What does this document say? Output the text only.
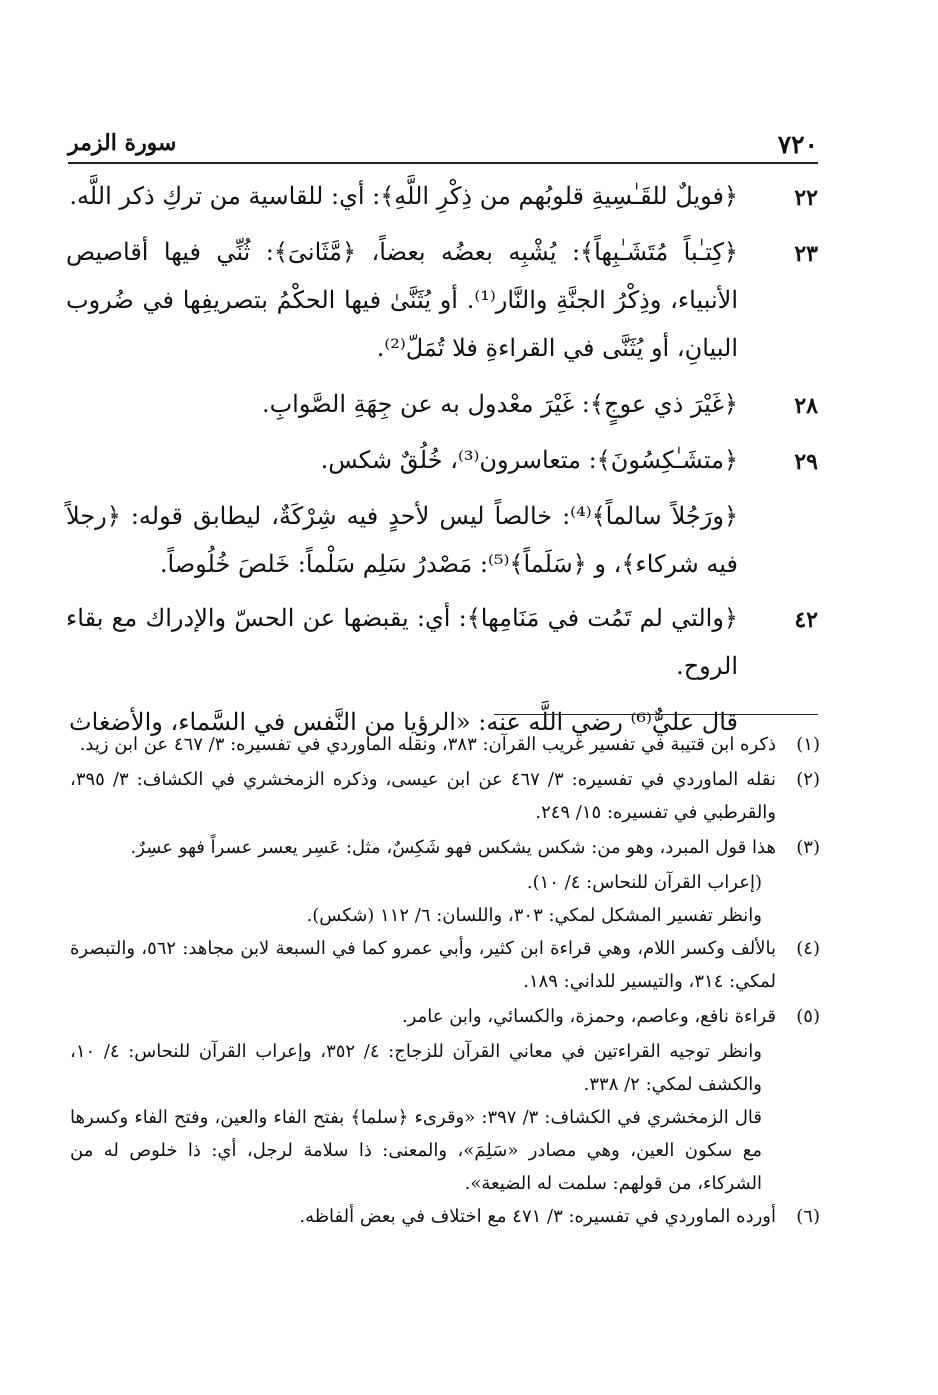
٧٢٠
سورة الزمر
٢٢
﴿فويلٌ للقَـٰسِيةِ قلوبُهم من ذِكْرِ اللَّهِ﴾: أي: للقاسية من تركِ ذكر اللَّه.
٢٣
﴿كِتـٰباً مُتَشَـٰبِهاً﴾: يُشْبِه بعضُه بعضاً، ﴿مَّثَانىَ﴾: ثُنِّي فيها أقاصيص الأنبياء، وذِكْرُ الجنَّةِ والنَّار⁽¹⁾. أو يُثَنَّىٰ فيها الحكْمُ بتصريفِها في ضُروب البيانِ، أو يُثَنَّى في القراءةِ فلا تُمَلّ⁽²⁾.
٢٨
﴿غَيْرَ ذي عوجٍ﴾: غَيْرَ معْدول به عن جِهَةِ الصَّوابِ.
٢٩
﴿متشَـٰكِسُونَ﴾: متعاسرون⁽³⁾، خُلُقٌ شكس.
﴿ورَجُلاً سالماً﴾⁽⁴⁾: خالصاً ليس لأحدٍ فيه شِرْكَةٌ، ليطابق قوله: ﴿رجلاً فيه شركاء﴾، و ﴿سَلَماً﴾⁽⁵⁾: مَصْدرُ سَلِم سَلْماً: خَلصَ خُلُوصاً.
٤٢
﴿والتي لم تَمُت في مَنَامِها﴾: أي: يقبضها عن الحسّ والإدراك مع بقاء الروح.
قال عليٌّ⁽⁶⁾ رضي اللَّه عنه: «الرؤيا من النَّفس في السَّماء، والأضغاث
(١)
ذكره ابن قتيبة في تفسير غريب القرآن: ٣٨٣، ونقله الماوردي في تفسيره: ٣/ ٤٦٧ عن ابن زيد.
(٢)
نقله الماوردي في تفسيره: ٣/ ٤٦٧ عن ابن عيسى، وذكره الزمخشري في الكشاف: ٣/ ٣٩٥، والقرطبي في تفسيره: ١٥/ ٢٤٩.
(٣)
هذا قول المبرد، وهو من: شكس يشكس فهو شَكِسٌ، مثل: عَسِر يعسر عسراً فهو عسِرٌ.
(إعراب القرآن للنحاس: ٤/ ١٠).
وانظر تفسير المشكل لمكي: ٣٠٣، واللسان: ٦/ ١١٢ (شكس).
(٤)
بالألف وكسر اللام، وهي قراءة ابن كثير، وأبي عمرو كما في السبعة لابن مجاهد: ٥٦٢، والتبصرة لمكي: ٣١٤، والتيسير للداني: ١٨٩.
(٥)
قراءة نافع، وعاصم، وحمزة، والكسائي، وابن عامر.
وانظر توجيه القراءتين في معاني القرآن للزجاج: ٤/ ٣٥٢، وإعراب القرآن للنحاس: ٤/ ١٠، والكشف لمكي: ٢/ ٣٣٨.
قال الزمخشري في الكشاف: ٣/ ٣٩٧: «وقرىء ﴿سلما﴾ بفتح الفاء والعين، وفتح الفاء وكسرها مع سكون العين، وهي مصادر «سَلِمَ»، والمعنى: ذا سلامة لرجل، أي: ذا خلوص له من الشركاء، من قولهم: سلمت له الضيعة».
(٦)
أورده الماوردي في تفسيره: ٣/ ٤٧١ مع اختلاف في بعض ألفاظه.
